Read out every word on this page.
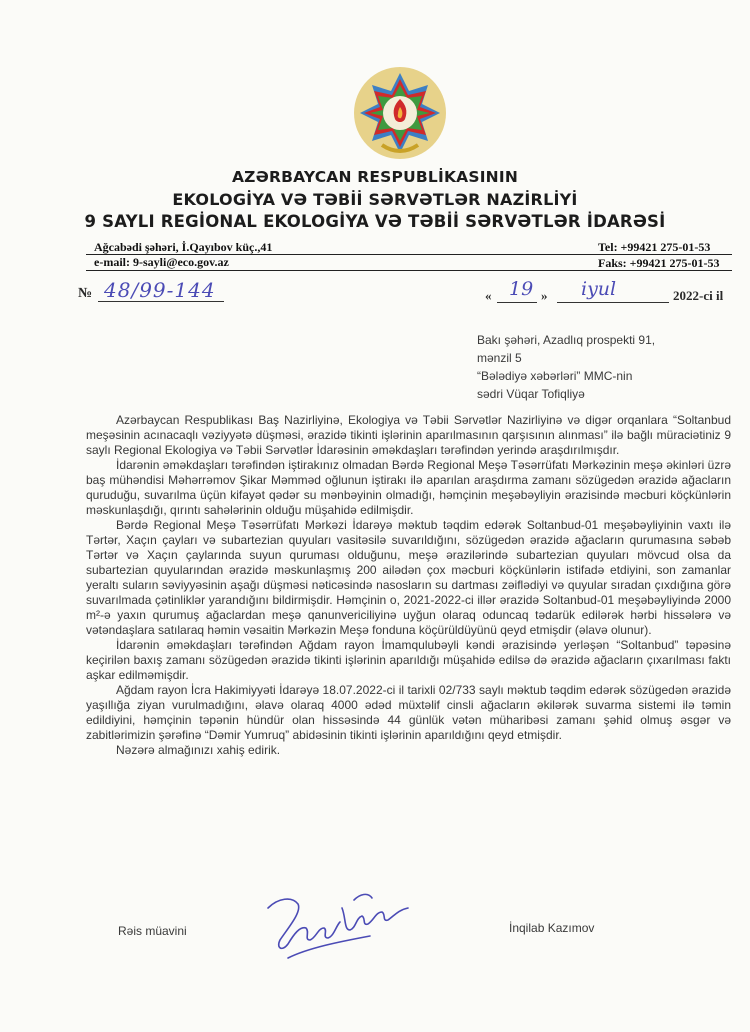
AZƏRBAYCAN RESPUBLİKASININ
EKOLOGİYA VƏ TƏBİİ SƏRVƏTLƏR NAZİRLİYİ
9 SAYLI REGİONAL EKOLOGİYA VƏ TƏBİİ SƏRVƏTLƏR İDARƏSİ
Ağcabədi şəhəri, İ.Qayıbov küç.,41
e-mail: 9-sayli@eco.gov.az
Tel: +99421 275-01-53
Faks: +99421 275-01-53
№ 48/99-144	« 19 » iyul	2022-ci il
Bakı şəhəri, Azadlıq prospekti 91,
mənzil 5
“Bələdiyə xəbərləri” MMC-nin
sədri Vüqar Tofiqliyə

Azərbaycan Respublikası Baş Nazirliyinə, Ekologiya və Təbii Sərvətlər Nazirliyinə və digər orqanlara “Soltanbud meşəsinin acınacaqlı vəziyyətə düşməsi, ərazidə tikinti işlərinin aparılmasının qarşısının alınması” ilə bağlı müraciətiniz 9 saylı Regional Ekologiya və Təbii Sərvətlər İdarəsinin əməkdaşları tərəfindən yerində araşdırılmışdır.

İdarənin əməkdaşları tərəfindən iştirakınız olmadan Bərdə Regional Meşə Təsərrüfatı Mərkəzinin meşə əkinləri üzrə baş mühəndisi Məhərrəmov Şikar Məmməd oğlunun iştirakı ilə aparılan araşdırma zamanı sözügedən ərazidə ağacların quruduğu, suvarılma üçün kifayət qədər su mənbəyinin olmadığı, həmçinin meşəbəyliyin ərazisində məcburi köçkünlərin məskunlaşdığı, qırıntı sahələrinin olduğu müşahidə edilmişdir.

Bərdə Regional Meşə Təsərrüfatı Mərkəzi İdarəyə məktub təqdim edərək Soltanbud-01 meşəbəyliyinin vaxtı ilə Tərtər, Xaçın çayları və subartezian quyuları vasitəsilə suvarıldığını, sözügedən ərazidə ağacların qurumasına səbəb Tərtər və Xaçın çaylarında suyun quruması olduğunu, meşə ərazilərində subartezian quyuları mövcud olsa da subartezian quyularından ərazidə məskunlaşmış 200 ailədən çox məcburi köçkünlərin istifadə etdiyini, son zamanlar yeraltı suların səviyyəsinin aşağı düşməsi nəticəsində nasosların su dartması zəiflədiyi və quyular sıradan çıxdığına görə suvarılmada çətinliklər yarandığını bildirmişdir. Həmçinin o, 2021-2022-ci illər ərazidə Soltanbud-01 meşəbəyliyində 2000 m²-ə yaxın qurumuş ağaclardan meşə qanunvericiliyinə uyğun olaraq oduncaq tədarük edilərək hərbi hissələrə və vətəndaşlara satılaraq həmin vəsaitin Mərkəzin Meşə fonduna köçürüldüyünü qeyd etmişdir (əlavə olunur).

İdarənin əməkdaşları tərəfindən Ağdam rayon İmamqulubəyli kəndi ərazisində yerləşən “Soltanbud” təpəsinə keçirilən baxış zamanı sözügedən ərazidə tikinti işlərinin aparıldığı müşahidə edilsə də ərazidə ağacların çıxarılması faktı aşkar edilməmişdir.

Ağdam rayon İcra Hakimiyyəti İdarəyə 18.07.2022-ci il tarixli 02/733 saylı məktub təqdim edərək sözügedən ərazidə yaşıllığa ziyan vurulmadığını, əlavə olaraq 4000 ədəd müxtəlif cinsli ağacların əkilərək suvarma sistemi ilə təmin edildiyini, həmçinin təpənin hündür olan hissəsində 44 günlük vətən müharibəsi zamanı şəhid olmuş əsgər və zabitlərimizin şərəfinə “Dəmir Yumruq” abidəsinin tikinti işlərinin aparıldığını qeyd etmişdir.

Nəzərə almağınızı xahiş edirik.

Rəis müavini	İnqilab Kazımov
